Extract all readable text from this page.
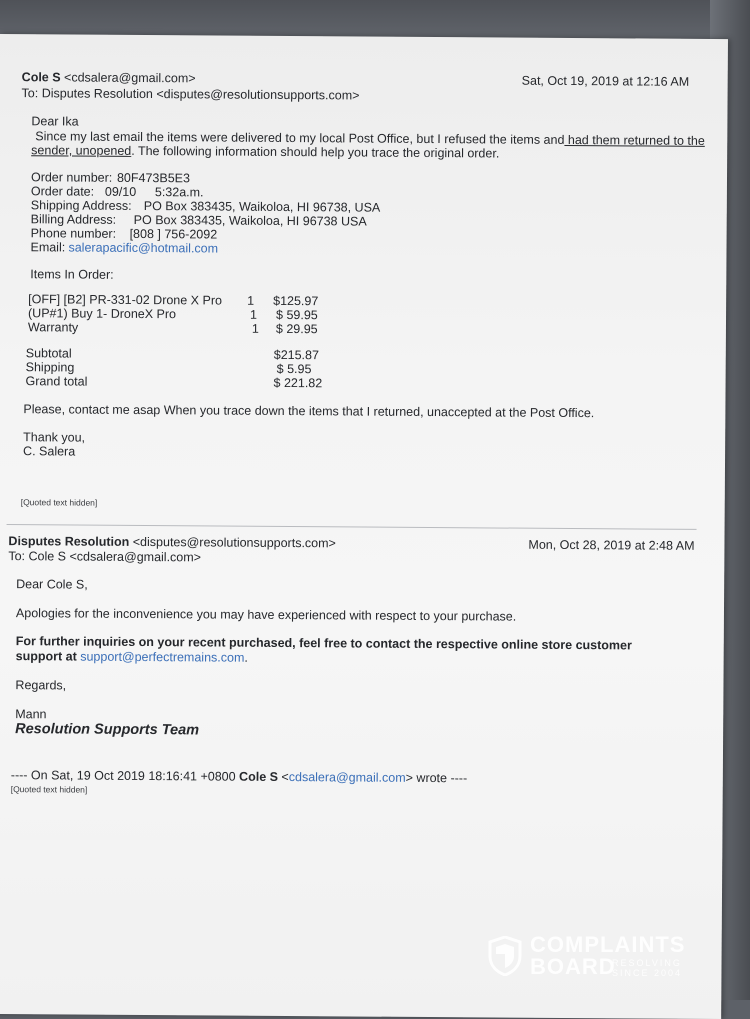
Cole S <cdsalera@gmail.com>	Sat, Oct 19, 2019 at 12:16 AM
To: Disputes Resolution <disputes@resolutionsupports.com>
Dear Ika
Since my last email the items were delivered to my local Post Office, but I refused the items and had them returned to the
sender, unopened. The following information should help you trace the original order.
Order number: 80F473B5E3
Order date: 09/10 5:32a.m.
Shipping Address: PO Box 383435, Waikoloa, HI 96738, USA
Billing Address: PO Box 383435, Waikoloa, HI 96738 USA
Phone number: [808 ] 756-2092
Email: salerapacific@hotmail.com
Items In Order:
[OFF] [B2] PR-331-02 Drone X Pro 1 $125.97
(UP#1) Buy 1- DroneX Pro	1 $ 59.95
Warranty	1 $ 29.95
Subtotal	$215.87
Shipping	$ 5.95
Grand total	$ 221.82
Please, contact me asap When you trace down the items that I returned, unaccepted at the Post Office.
Thank you,
C. Salera
[Quoted text hidden]
Disputes Resolution <disputes@resolutionsupports.com>	Mon, Oct 28, 2019 at 2:48 AM
To: Cole S <cdsalera@gmail.com>
Dear Cole S,
Apologies for the inconvenience you may have experienced with respect to your purchase.
For further inquiries on your recent purchased, feel free to contact the respective online store customer
support at support@perfectremains.com.
Regards,
Mann
Resolution Supports Team
---- On Sat, 19 Oct 2019 18:16:41 +0800 Cole S <cdsalera@gmail.com> wrote ----
[Quoted text hidden]
COMPLAINTS
BOARD
RESOLVING
SINCE 2004
